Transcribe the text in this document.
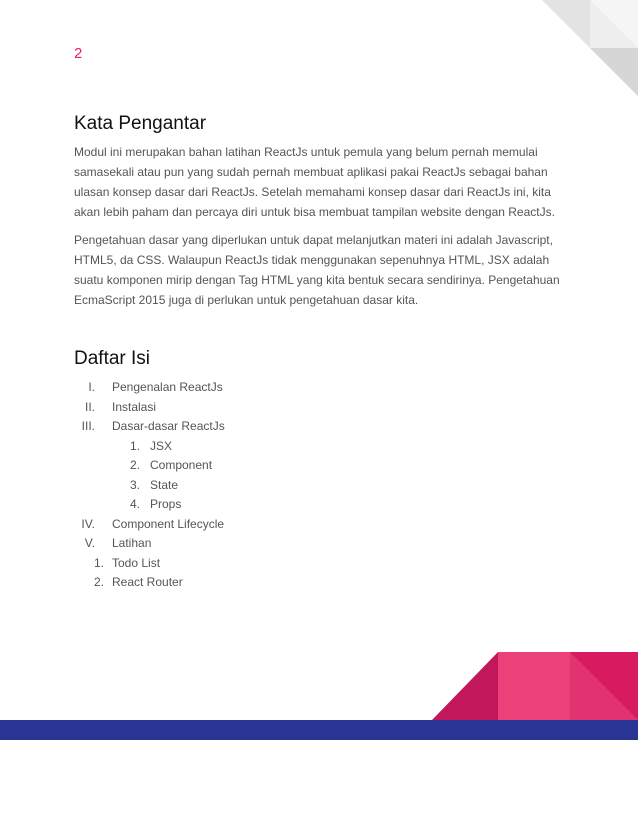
2
Kata Pengantar

Modul ini merupakan bahan latihan ReactJs untuk pemula yang belum pernah memulai samasekali atau pun yang sudah pernah membuat aplikasi pakai ReactJs sebagai bahan ulasan konsep dasar dari ReactJs. Setelah memahami konsep dasar dari ReactJs ini, kita akan lebih paham dan percaya diri untuk bisa membuat tampilan website dengan ReactJs.

Pengetahuan dasar yang diperlukan untuk dapat melanjutkan materi ini adalah Javascript, HTML5, da CSS. Walaupun ReactJs tidak menggunakan sepenuhnya HTML, JSX adalah suatu komponen mirip dengan Tag HTML yang kita bentuk secara sendirinya. Pengetahuan EcmaScript 2015 juga di perlukan untuk pengetahuan dasar kita.

Daftar Isi
I. Pengenalan ReactJs
II. Instalasi
III. Dasar-dasar ReactJs
1. JSX
2. Component
3. State
4. Props
IV. Component Lifecycle
V. Latihan
1. Todo List
2. React Router
